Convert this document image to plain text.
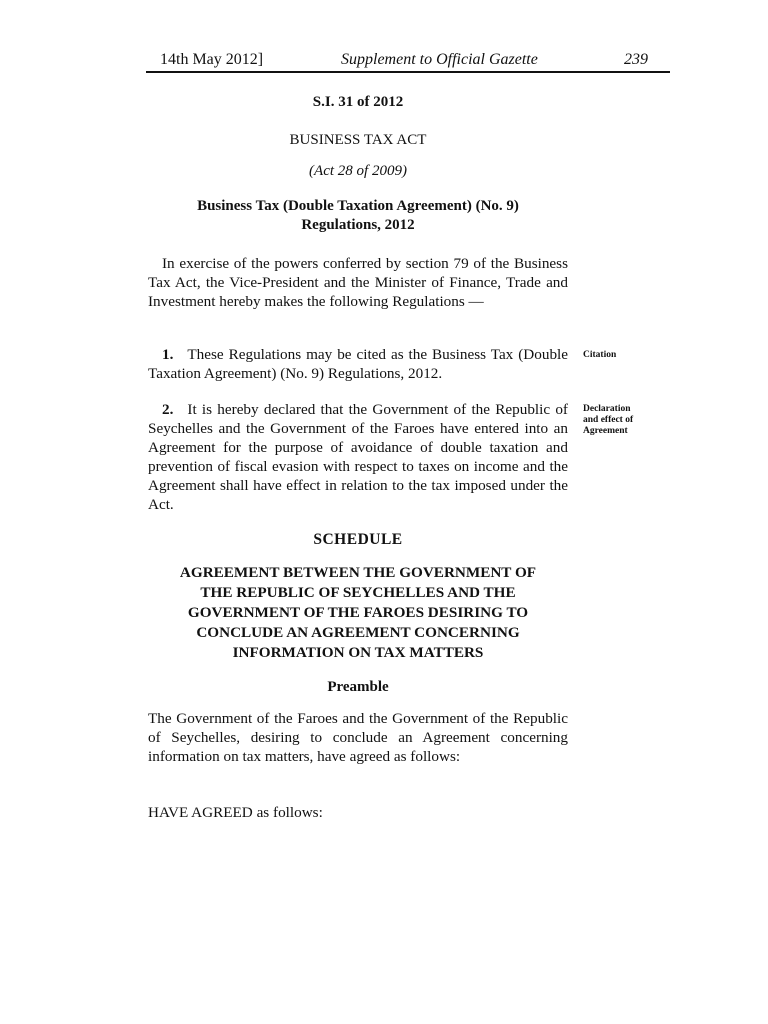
14th May 2012]	Supplement to Official Gazette	239
S.I. 31 of 2012
BUSINESS TAX ACT
(Act 28 of 2009)
Business Tax (Double Taxation Agreement) (No. 9)
Regulations, 2012
In exercise of the powers conferred by section 79 of the Business Tax Act, the Vice-President and the Minister of Finance, Trade and Investment hereby makes the following Regulations —
1. These Regulations may be cited as the Business Tax (Double Taxation Agreement) (No. 9) Regulations, 2012.
Citation
2. It is hereby declared that the Government of the Republic of Seychelles and the Government of the Faroes have entered into an Agreement for the purpose of avoidance of double taxation and prevention of fiscal evasion with respect to taxes on income and the Agreement shall have effect in relation to the tax imposed under the Act.
Declaration
and effect of
Agreement
SCHEDULE
AGREEMENT BETWEEN THE GOVERNMENT OF
THE REPUBLIC OF SEYCHELLES AND THE
GOVERNMENT OF THE FAROES DESIRING TO
CONCLUDE AN AGREEMENT CONCERNING
INFORMATION ON TAX MATTERS
Preamble
The Government of the Faroes and the Government of the Republic of Seychelles, desiring to conclude an Agreement concerning information on tax matters, have agreed as follows:
HAVE AGREED as follows:
